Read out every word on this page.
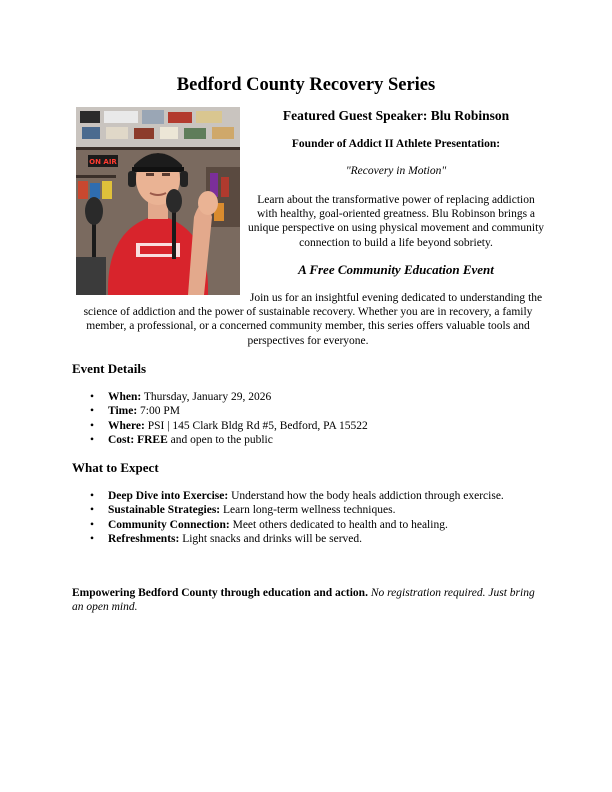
Bedford County Recovery Series
ON AIR
Featured Guest Speaker: Blu Robinson
Founder of Addict II Athlete Presentation:
"Recovery in Motion"
Learn about the transformative power of replacing addiction with healthy, goal-oriented greatness. Blu Robinson brings a unique perspective on using physical movement and community connection to build a life beyond sobriety.
A Free Community Education Event
Join us for an insightful evening dedicated to understanding the science of addiction and the power of sustainable recovery. Whether you are in recovery, a family member, a professional, or a concerned community member, this series offers valuable tools and perspectives for everyone.
Event Details
• When: Thursday, January 29, 2026
• Time: 7:00 PM
• Where: PSI | 145 Clark Bldg Rd #5, Bedford, PA 15522
• Cost: FREE and open to the public
What to Expect
• Deep Dive into Exercise: Understand how the body heals addiction through exercise.
• Sustainable Strategies: Learn long-term wellness techniques.
• Community Connection: Meet others dedicated to health and to healing.
• Refreshments: Light snacks and drinks will be served.
Empowering Bedford County through education and action. No registration required. Just bring an open mind.
